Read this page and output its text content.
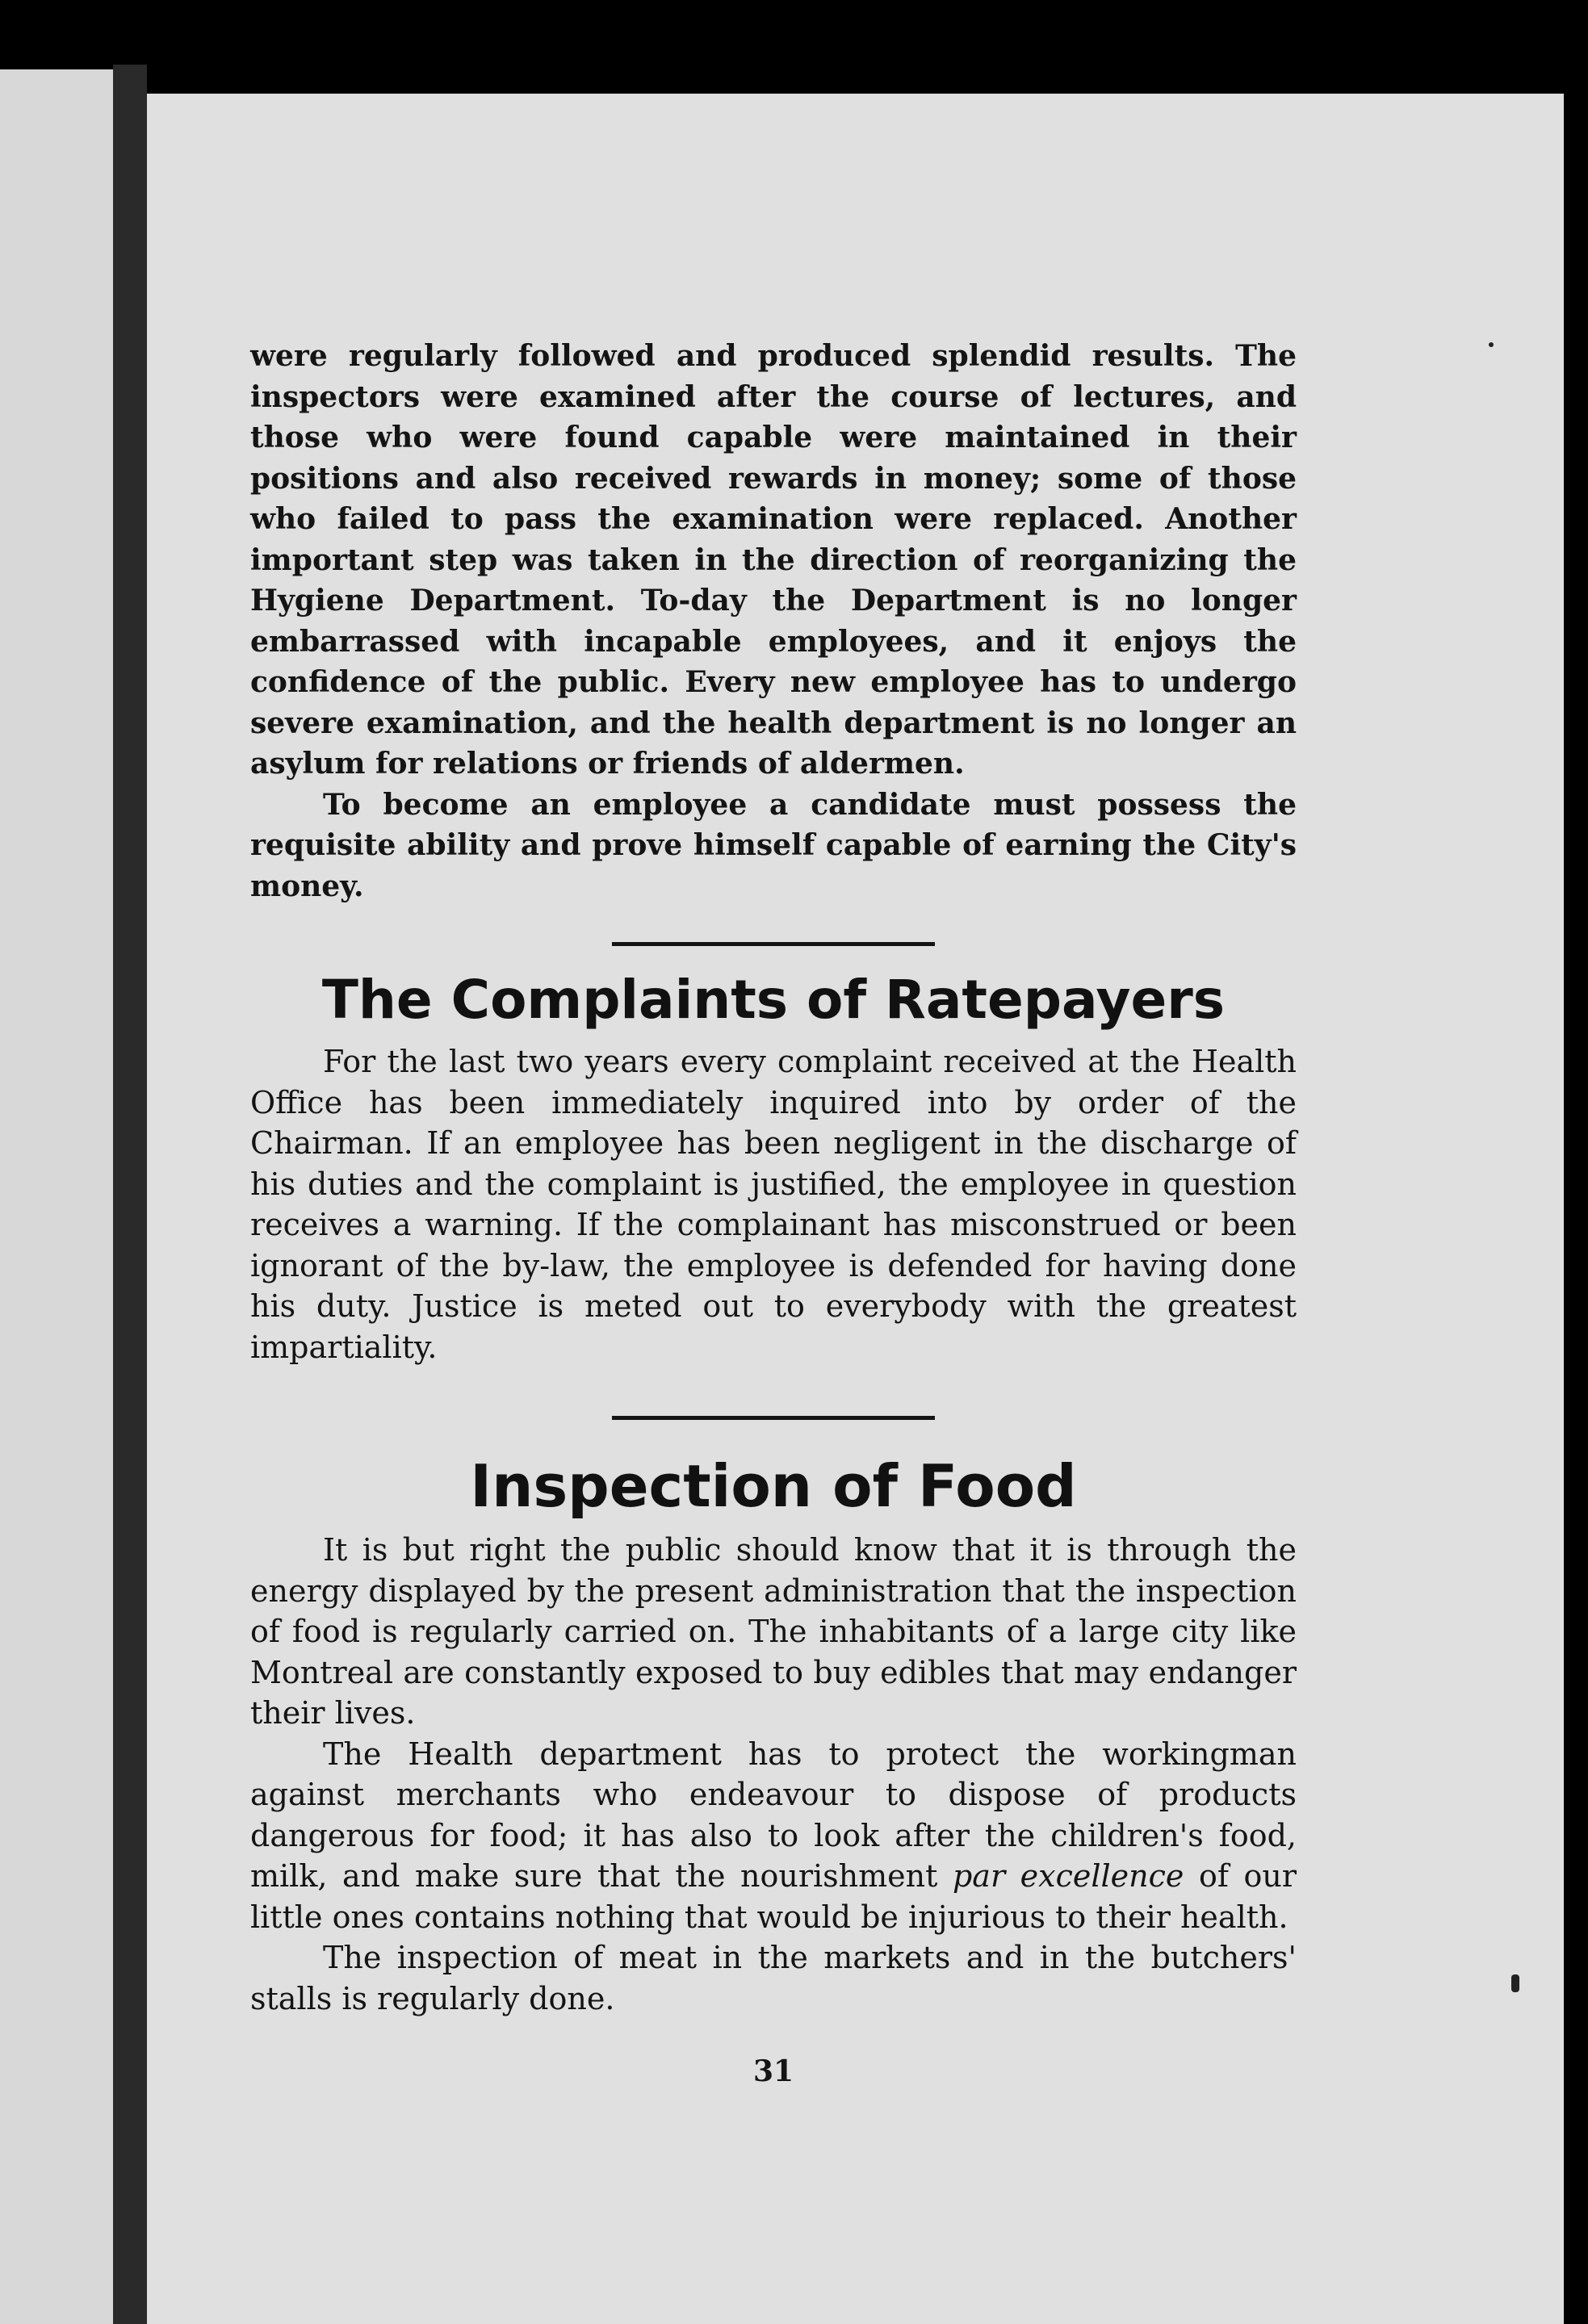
were regularly followed and produced splendid results. The inspectors were examined after the course of lectures, and those who were found capable were maintained in their positions and also received rewards in money; some of those who failed to pass the examination were replaced. Another important step was taken in the direction of reorganizing the Hygiene Department. To-day the Department is no longer embarrassed with incapable employees, and it enjoys the confidence of the public. Every new employee has to undergo severe examination, and the health department is no longer an asylum for relations or friends of aldermen.

To become an employee a candidate must possess the requisite ability and prove himself capable of earning the City's money.

The Complaints of Ratepayers

For the last two years every complaint received at the Health Office has been immediately inquired into by order of the Chairman. If an employee has been negligent in the discharge of his duties and the complaint is justified, the employee in question receives a warning. If the complainant has misconstrued or been ignorant of the by-law, the employee is defended for having done his duty. Justice is meted out to everybody with the greatest impartiality.

Inspection of Food

It is but right the public should know that it is through the energy displayed by the present administration that the inspection of food is regularly carried on. The inhabitants of a large city like Montreal are constantly exposed to buy edibles that may endanger their lives.

The Health department has to protect the workingman against merchants who endeavour to dispose of products dangerous for food; it has also to look after the children's food, milk, and make sure that the nourishment par excellence of our little ones contains nothing that would be injurious to their health.

The inspection of meat in the markets and in the butchers' stalls is regularly done.

31
